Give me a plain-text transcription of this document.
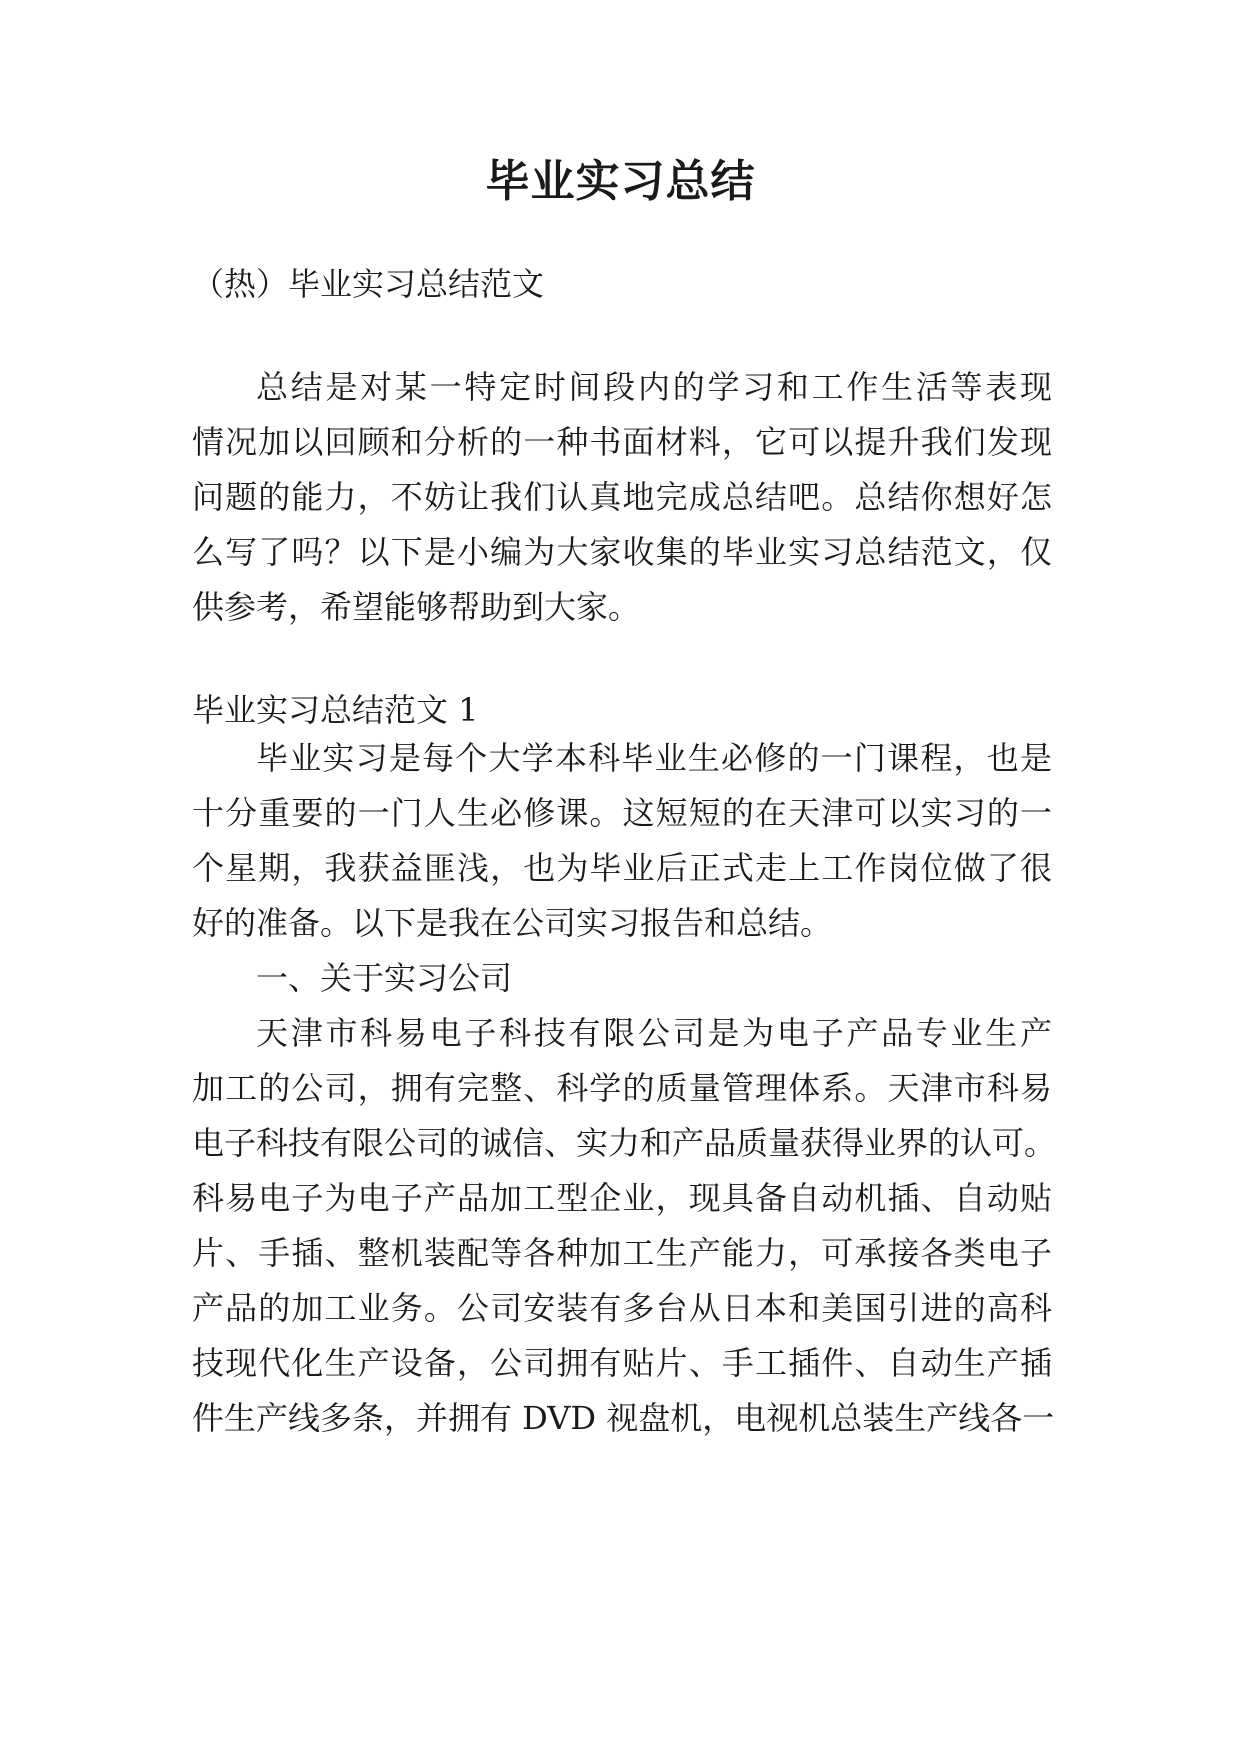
毕业实习总结

（热）毕业实习总结范文

总结是对某一特定时间段内的学习和工作生活等表现

情况加以回顾和分析的一种书面材料，它可以提升我们发现

问题的能力，不妨让我们认真地完成总结吧。总结你想好怎

么写了吗？以下是小编为大家收集的毕业实习总结范文，仅

供参考，希望能够帮助到大家。

毕业实习总结范文 1

毕业实习是每个大学本科毕业生必修的一门课程，也是

十分重要的一门人生必修课。这短短的在天津可以实习的一

个星期，我获益匪浅，也为毕业后正式走上工作岗位做了很

好的准备。以下是我在公司实习报告和总结。

一、关于实习公司

天津市科易电子科技有限公司是为电子产品专业生产

加工的公司，拥有完整、科学的质量管理体系。天津市科易

电子科技有限公司的诚信、实力和产品质量获得业界的认可。

科易电子为电子产品加工型企业，现具备自动机插、自动贴

片、手插、整机装配等各种加工生产能力，可承接各类电子

产品的加工业务。公司安装有多台从日本和美国引进的高科

技现代化生产设备，公司拥有贴片、手工插件、自动生产插

件生产线多条，并拥有 DVD 视盘机，电视机总装生产线各一
